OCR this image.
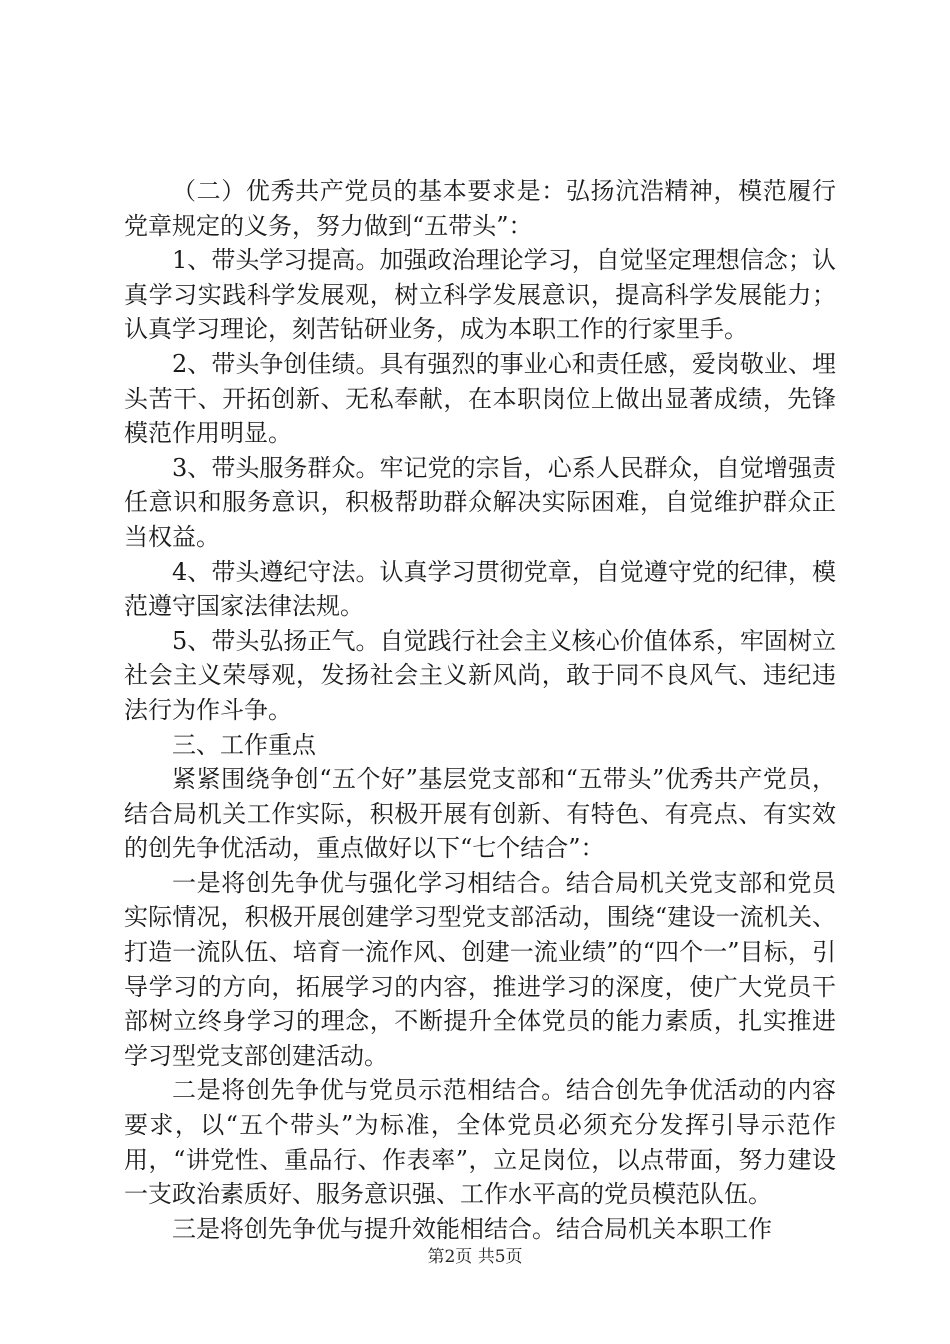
（二）优秀共产党员的基本要求是：弘扬沆浩精神，模范履行党章规定的义务，努力做到“五带头”：

1、带头学习提高。加强政治理论学习，自觉坚定理想信念；认真学习实践科学发展观，树立科学发展意识，提高科学发展能力；认真学习理论，刻苦钻研业务，成为本职工作的行家里手。

2、带头争创佳绩。具有强烈的事业心和责任感，爱岗敬业、埋头苦干、开拓创新、无私奉献，在本职岗位上做出显著成绩，先锋模范作用明显。

3、带头服务群众。牢记党的宗旨，心系人民群众，自觉增强责任意识和服务意识，积极帮助群众解决实际困难，自觉维护群众正当权益。

4、带头遵纪守法。认真学习贯彻党章，自觉遵守党的纪律，模范遵守国家法律法规。

5、带头弘扬正气。自觉践行社会主义核心价值体系，牢固树立社会主义荣辱观，发扬社会主义新风尚，敢于同不良风气、违纪违法行为作斗争。

三、工作重点

紧紧围绕争创“五个好”基层党支部和“五带头”优秀共产党员，结合局机关工作实际，积极开展有创新、有特色、有亮点、有实效的创先争优活动，重点做好以下“七个结合”：

一是将创先争优与强化学习相结合。结合局机关党支部和党员实际情况，积极开展创建学习型党支部活动，围绕“建设一流机关、打造一流队伍、培育一流作风、创建一流业绩”的“四个一”目标，引导学习的方向，拓展学习的内容，推进学习的深度，使广大党员干部树立终身学习的理念，不断提升全体党员的能力素质，扎实推进学习型党支部创建活动。

二是将创先争优与党员示范相结合。结合创先争优活动的内容要求，以“五个带头”为标准，全体党员必须充分发挥引导示范作用，“讲党性、重品行、作表率”，立足岗位，以点带面，努力建设一支政治素质好、服务意识强、工作水平高的党员模范队伍。

三是将创先争优与提升效能相结合。结合局机关本职工作

第2页 共5页
